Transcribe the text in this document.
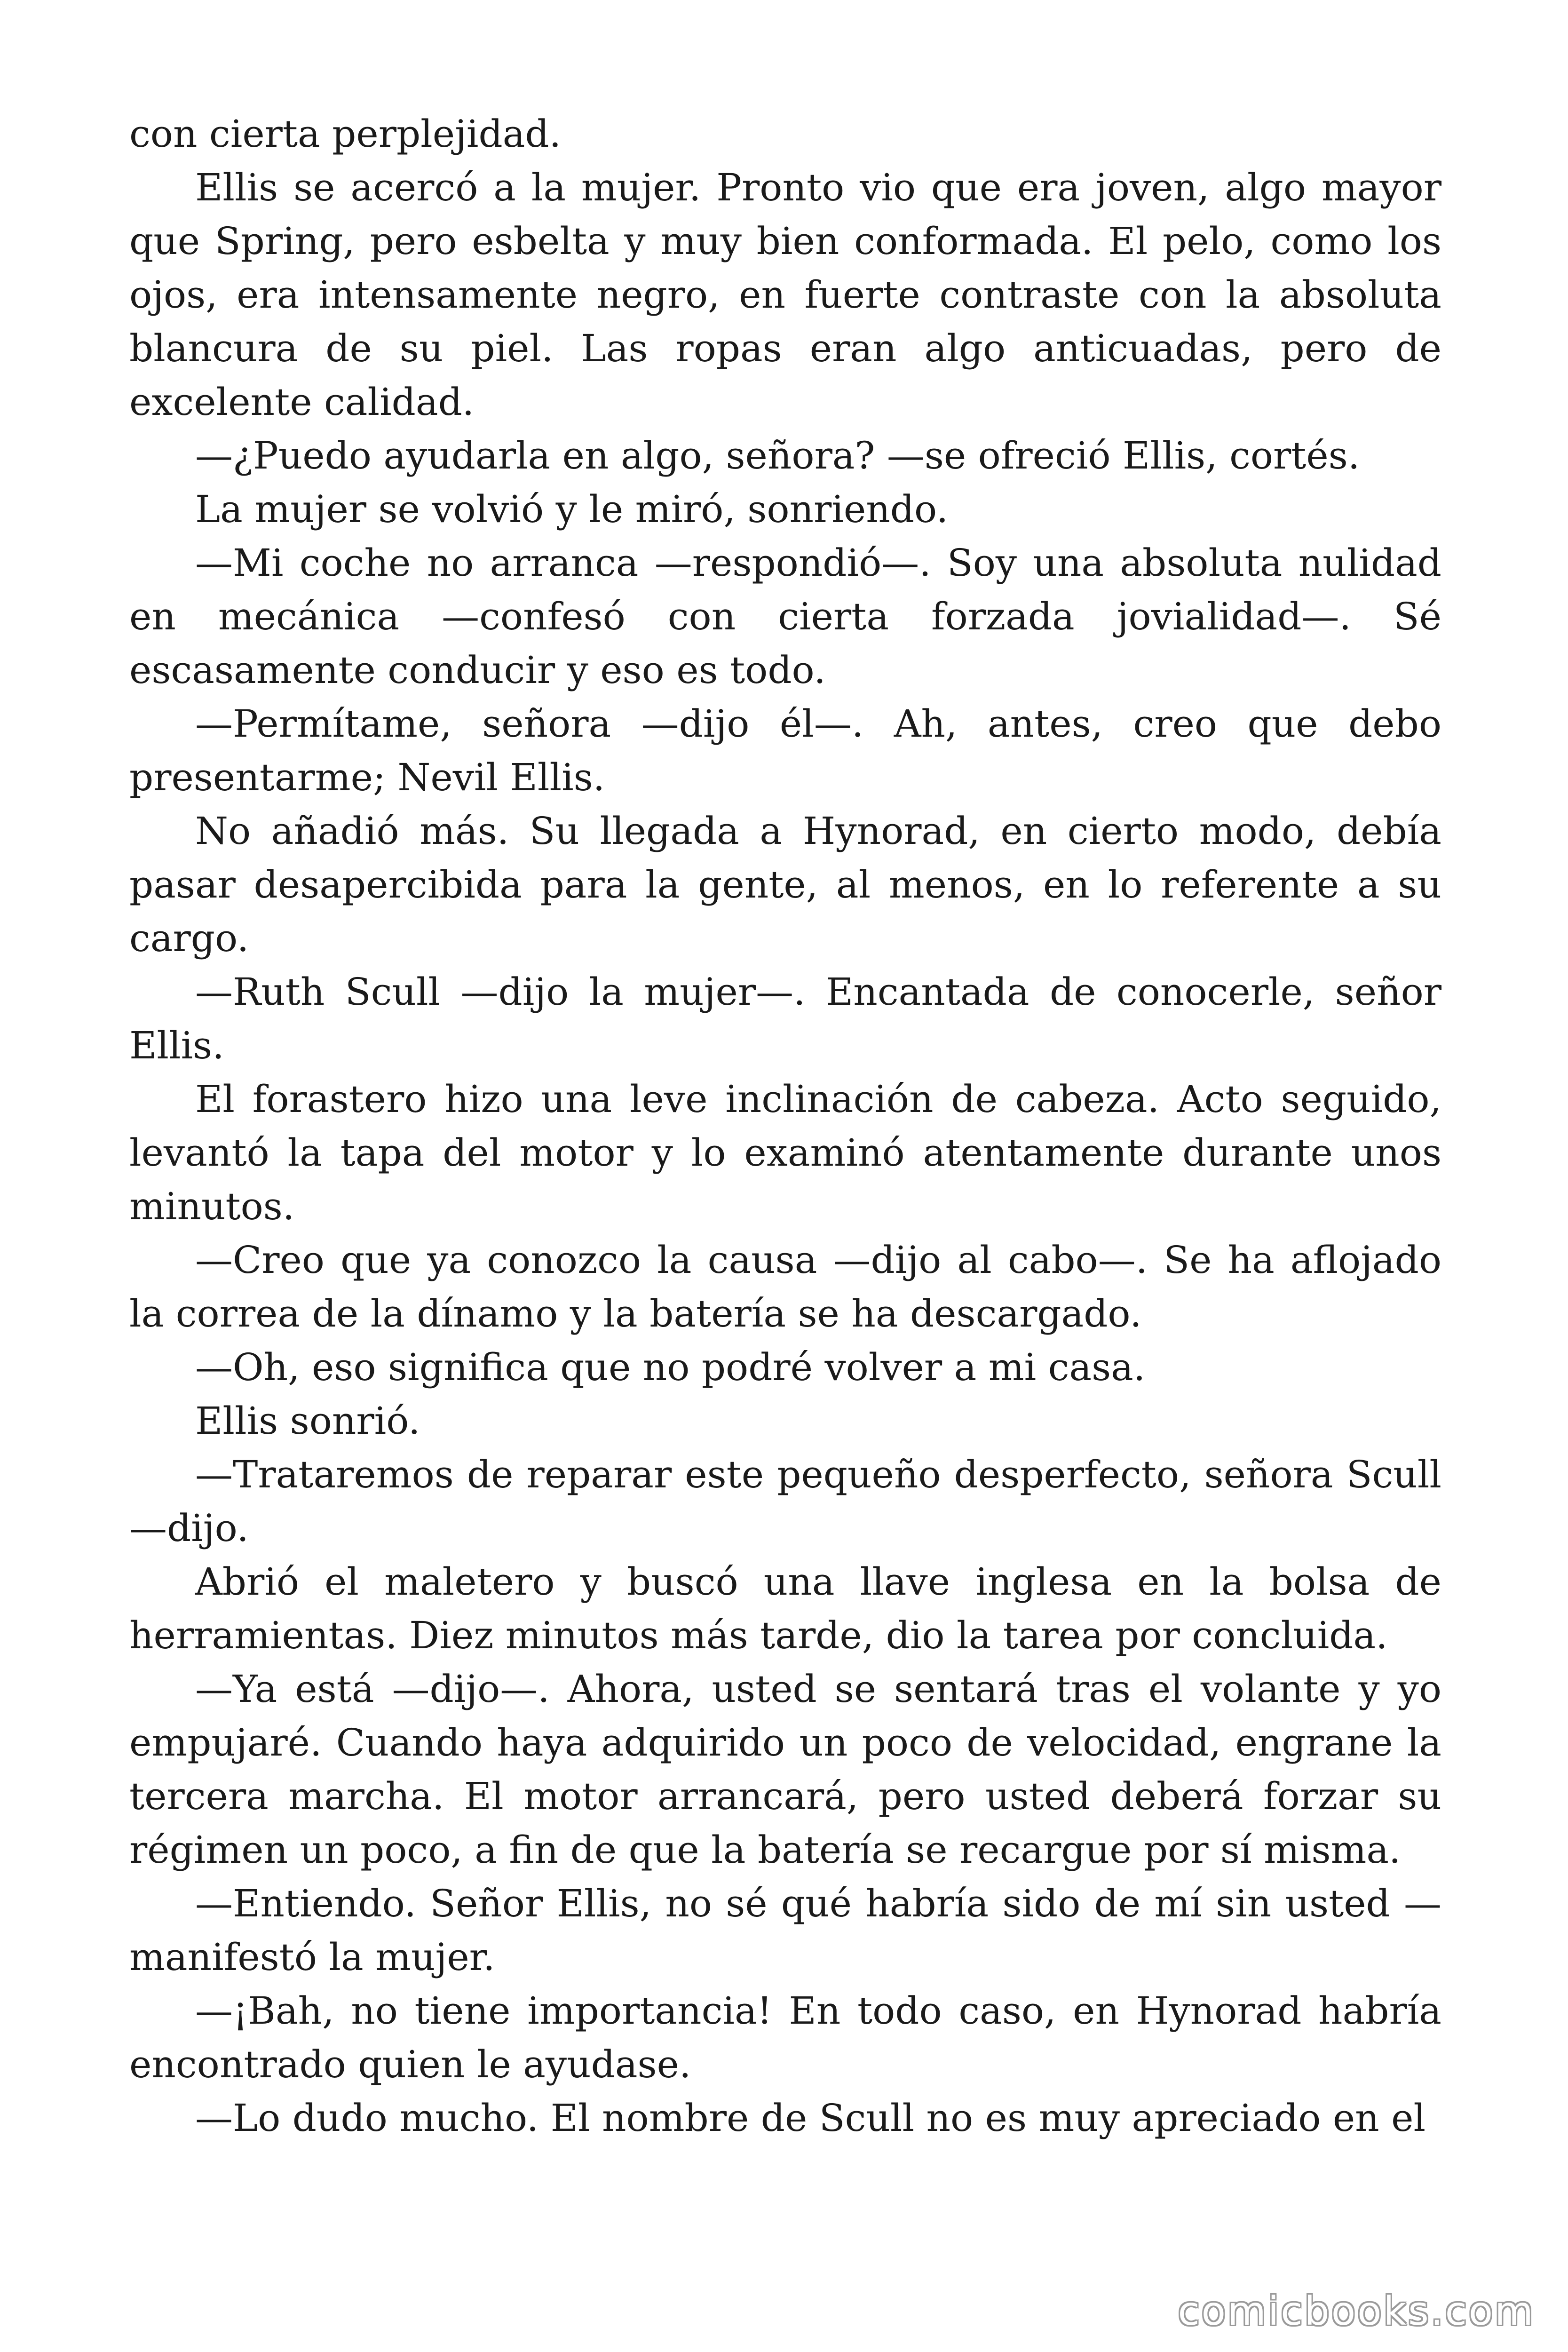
con cierta perplejidad.

Ellis se acercó a la mujer. Pronto vio que era joven, algo mayor que Spring, pero esbelta y muy bien conformada. El pelo, como los ojos, era intensamente negro, en fuerte contraste con la absoluta blancura de su piel. Las ropas eran algo anticuadas, pero de excelente calidad.

—¿Puedo ayudarla en algo, señora? —se ofreció Ellis, cortés.

La mujer se volvió y le miró, sonriendo.

—Mi coche no arranca —respondió—. Soy una absoluta nulidad en mecánica —confesó con cierta forzada jovialidad—. Sé escasamente conducir y eso es todo.

—Permítame, señora —dijo él—. Ah, antes, creo que debo presentarme; Nevil Ellis.

No añadió más. Su llegada a Hynorad, en cierto modo, debía pasar desapercibida para la gente, al menos, en lo referente a su cargo.

—Ruth Scull —dijo la mujer—. Encantada de conocerle, señor Ellis.

El forastero hizo una leve inclinación de cabeza. Acto seguido, levantó la tapa del motor y lo examinó atentamente durante unos minutos.

—Creo que ya conozco la causa —dijo al cabo—. Se ha aflojado la correa de la dínamo y la batería se ha descargado.

—Oh, eso significa que no podré volver a mi casa.

Ellis sonrió.

—Trataremos de reparar este pequeño desperfecto, señora Scull —dijo.

Abrió el maletero y buscó una llave inglesa en la bolsa de herramientas. Diez minutos más tarde, dio la tarea por concluida.

—Ya está —dijo—. Ahora, usted se sentará tras el volante y yo empujaré. Cuando haya adquirido un poco de velocidad, engrane la tercera marcha. El motor arrancará, pero usted deberá forzar su régimen un poco, a fin de que la batería se recargue por sí misma.

—Entiendo. Señor Ellis, no sé qué habría sido de mí sin usted —manifestó la mujer.

—¡Bah, no tiene importancia! En todo caso, en Hynorad habría encontrado quien le ayudase.

—Lo dudo mucho. El nombre de Scull no es muy apreciado en el

comicbooks.com
